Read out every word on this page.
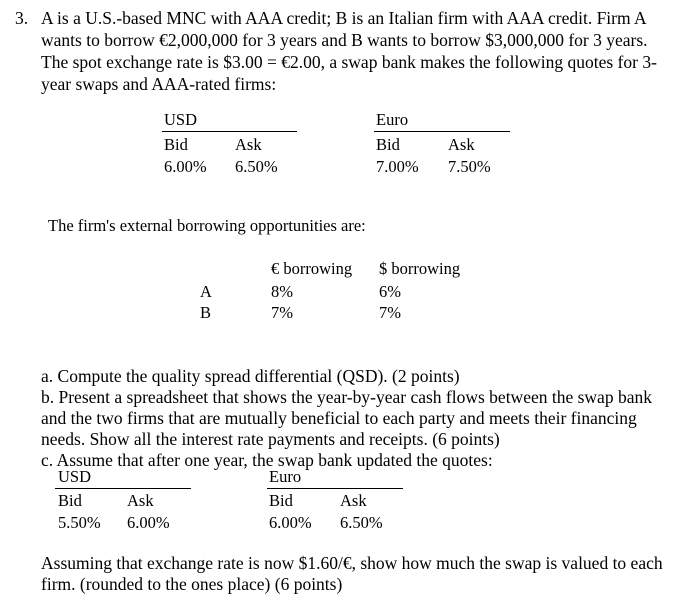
3. A is a U.S.-based MNC with AAA credit; B is an Italian firm with AAA credit. Firm A
wants to borrow €2,000,000 for 3 years and B wants to borrow $3,000,000 for 3 years.
The spot exchange rate is $3.00 = €2.00, a swap bank makes the following quotes for 3-
year swaps and AAA-rated firms:
USD
Bid	Ask
6.00% 6.50%
Euro
Bid	Ask
7.00% 7.50%
The firm's external borrowing opportunities are:
€ borrowing $ borrowing
A	8%	6%
B	7%	7%
a. Compute the quality spread differential (QSD). (2 points)
b. Present a spreadsheet that shows the year-by-year cash flows between the swap bank
and the two firms that are mutually beneficial to each party and meets their financing
needs. Show all the interest rate payments and receipts. (6 points)
c. Assume that after one year, the swap bank updated the quotes:
USD
Bid	Ask
5.50% 6.00%
Euro
Bid	Ask
6.00% 6.50%
Assuming that exchange rate is now $1.60/€, show how much the swap is valued to each
firm. (rounded to the ones place) (6 points)
